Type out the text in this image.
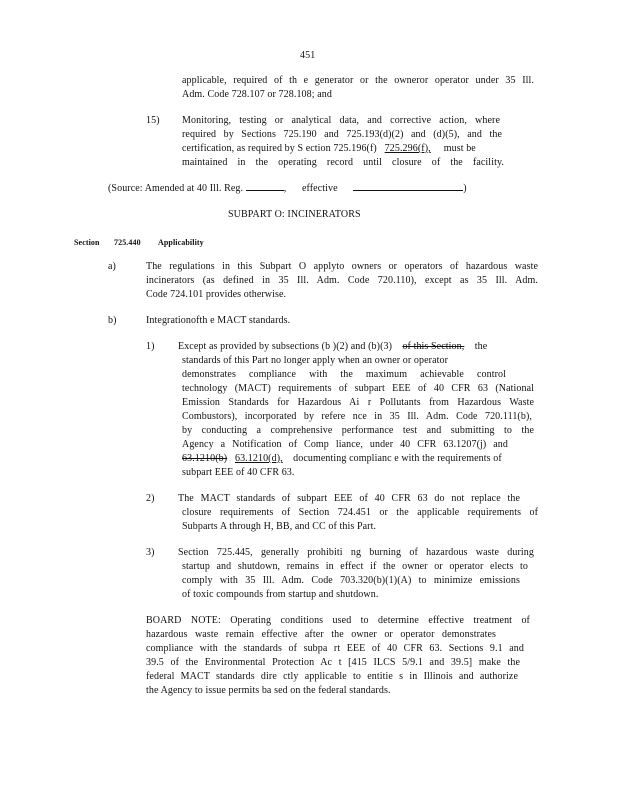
451
applicable, required of th e generator or the owneror operator under 35 Ill.
Adm. Code 728.107 or 728.108; and
15) Monitoring, testing or analytical data, and corrective action, where
required by Sections 725.190 and 725.193(d)(2) and (d)(5), and the
certification, as required by S ection 725.196(f) 725.296(f), must be
maintained in the operating record until closure of the facility.
(Source: Amended at 40 Ill. Reg.	, effective	)
SUBPART O: INCINERATORS
Section 725.440 Applicability
a)	The regulations in this Subpart O applyto owners or operators of hazardous waste
incinerators (as defined in 35 Ill. Adm. Code 720.110), except as 35 Ill. Adm.
Code 724.101 provides otherwise.
b)	Integrationofth e MACT standards.
1) Except as provided by subsections (b )(2) and (b)(3) of this Section, the
standards of this Part no longer apply when an owner or operator
demonstrates compliance with the maximum achievable control
technology (MACT) requirements of subpart EEE of 40 CFR 63 (National
Emission Standards for Hazardous Ai r Pollutants from Hazardous Waste
Combustors), incorporated by refere nce in 35 Ill. Adm. Code 720.111(b),
by conducting a comprehensive performance test and submitting to the
Agency a Notification of Comp liance, under 40 CFR 63.1207(j) and
63.1210(b) 63.1210(d), documenting complianc e with the requirements of
subpart EEE of 40 CFR 63.
2) The MACT standards of subpart EEE of 40 CFR 63 do not replace the
closure requirements of Section 724.451 or the applicable requirements of
Subparts A through H, BB, and CC of this Part.
3) Section 725.445, generally prohibiti ng burning of hazardous waste during
startup and shutdown, remains in effect if the owner or operator elects to
comply with 35 Ill. Adm. Code 703.320(b)(1)(A) to minimize emissions
of toxic compounds from startup and shutdown.
BOARD NOTE: Operating conditions used to determine effective treatment of
hazardous waste remain effective after the owner or operator demonstrates
compliance with the standards of subpa rt EEE of 40 CFR 63. Sections 9.1 and
39.5 of the Environmental Protection Ac t [415 ILCS 5/9.1 and 39.5] make the
federal MACT standards dire ctly applicable to entitie s in Illinois and authorize
the Agency to issue permits ba sed on the federal standards.
